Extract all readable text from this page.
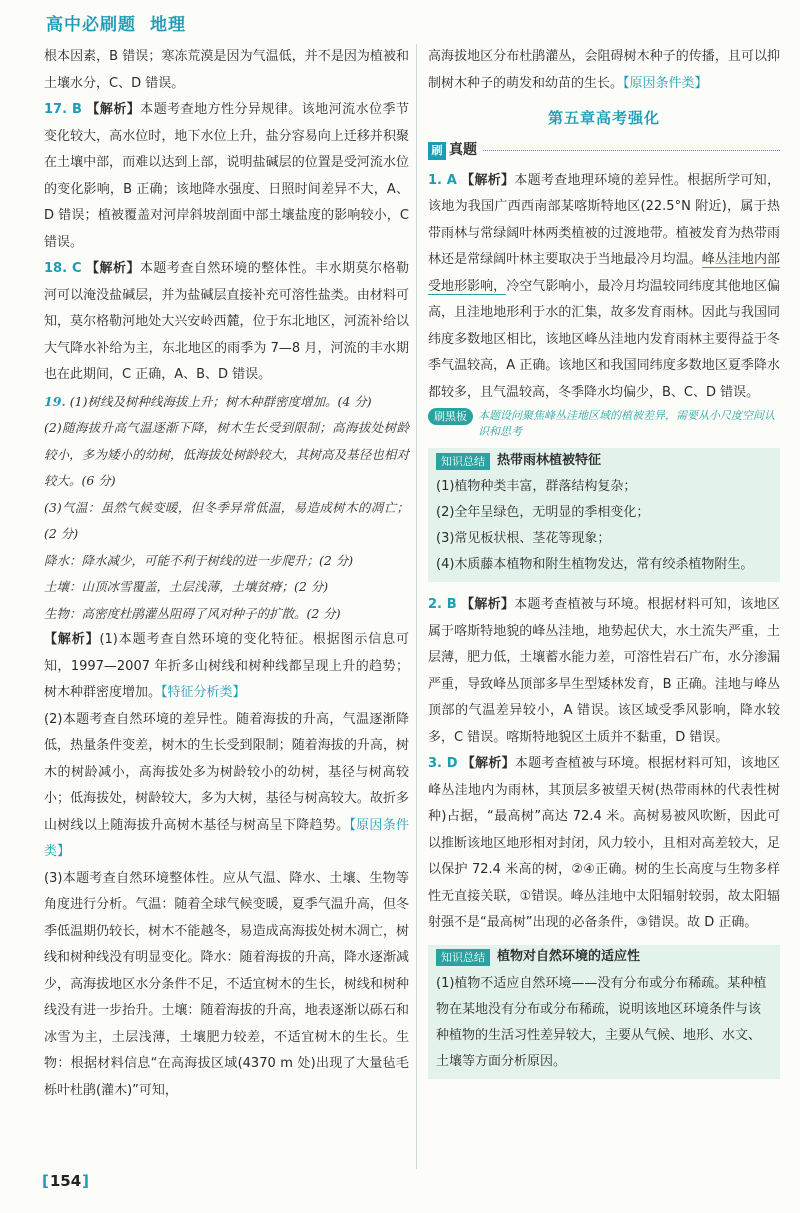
高中必刷题 地理

根本因素，B 错误；寒冻荒漠是因为气温低，并不是因为植被和土壤水分，C、D 错误。

17. B 【解析】本题考查地方性分异规律。该地河流水位季节变化较大，高水位时，地下水位上升，盐分容易向上迁移并积聚在土壤中部，而难以达到上部，说明盐碱层的位置是受河流水位的变化影响，B 正确；该地降水强度、日照时间差异不大，A、D 错误；植被覆盖对河岸斜坡剖面中部土壤盐度的影响较小，C 错误。

18. C 【解析】本题考查自然环境的整体性。丰水期莫尔格勒河可以淹没盐碱层，并为盐碱层直接补充可溶性盐类。由材料可知，莫尔格勒河地处大兴安岭西麓，位于东北地区，河流补给以大气降水补给为主，东北地区的雨季为 7—8 月，河流的丰水期也在此期间，C 正确，A、B、D 错误。

19. (1)树线及树种线海拔上升；树木种群密度增加。(4 分)

(2)随海拔升高气温逐渐下降，树木生长受到限制；高海拔处树龄较小，多为矮小的幼树，低海拔处树龄较大，其树高及基径也相对较大。(6 分)

(3)气温：虽然气候变暖，但冬季异常低温，易造成树木的凋亡；(2 分)

降水：降水减少，可能不利于树线的进一步爬升；(2 分)

土壤：山顶冰雪覆盖，土层浅薄，土壤贫瘠；(2 分)

生物：高密度杜鹃灌丛阻碍了风对种子的扩散。(2 分)

【解析】(1)本题考查自然环境的变化特征。根据图示信息可知，1997—2007 年折多山树线和树种线都呈现上升的趋势；树木种群密度增加。【特征分析类】

(2)本题考查自然环境的差异性。随着海拔的升高，气温逐渐降低，热量条件变差，树木的生长受到限制；随着海拔的升高，树木的树龄减小，高海拔处多为树龄较小的幼树，基径与树高较小；低海拔处，树龄较大，多为大树，基径与树高较大。故折多山树线以上随海拔升高树木基径与树高呈下降趋势。【原因条件类】

(3)本题考查自然环境整体性。应从气温、降水、土壤、生物等角度进行分析。气温：随着全球气候变暖，夏季气温升高，但冬季低温期仍较长，树木不能越冬，易造成高海拔处树木凋亡，树线和树种线没有明显变化。降水：随着海拔的升高，降水逐渐减少，高海拔地区水分条件不足，不适宜树木的生长，树线和树种线没有进一步抬升。土壤：随着海拔的升高，地表逐渐以砾石和冰雪为主，土层浅薄，土壤肥力较差，不适宜树木的生长。生物：根据材料信息“在高海拔区域(4370 m 处)出现了大量毡毛栎叶杜鹃(灌木)”可知，

高海拔地区分布杜鹃灌丛，会阻碍树木种子的传播，且可以抑制树木种子的萌发和幼苗的生长。【原因条件类】

第五章高考强化
刷 真题

1. A 【解析】本题考查地理环境的差异性。根据所学可知，该地为我国广西西南部某喀斯特地区(22.5°N 附近)，属于热带雨林与常绿阔叶林两类植被的过渡地带。植被发育为热带雨林还是常绿阔叶林主要取决于当地最冷月均温。峰丛洼地内部受地形影响，冷空气影响小，最冷月均温较同纬度其他地区偏高，且洼地地形利于水的汇集，故多发育雨林。因此与我国同纬度多数地区相比，该地区峰丛洼地内发育雨林主要得益于冬季气温较高，A 正确。该地区和我国同纬度多数地区夏季降水都较多，且气温较高，冬季降水均偏少，B、C、D 错误。

刷黑板	本题设问聚焦峰丛洼地区域的植被差异，需要从小尺度空间认识和思考
知识总结 热带雨林植被特征
(1)植物种类丰富，群落结构复杂；
(2)全年呈绿色，无明显的季相变化；
(3)常见板状根、茎花等现象；
(4)木质藤本植物和附生植物发达，常有绞杀植物附生。

2. B 【解析】本题考查植被与环境。根据材料可知，该地区属于喀斯特地貌的峰丛洼地，地势起伏大，水土流失严重，土层薄，肥力低，土壤蓄水能力差，可溶性岩石广布，水分渗漏严重，导致峰丛顶部多旱生型矮林发育，B 正确。洼地与峰丛顶部的气温差异较小，A 错误。该区域受季风影响，降水较多，C 错误。喀斯特地貌区土质并不黏重，D 错误。

3. D 【解析】本题考查植被与环境。根据材料可知，该地区峰丛洼地内为雨林，其顶层多被望天树(热带雨林的代表性树种)占据，“最高树”高达 72.4 米。高树易被风吹断，因此可以推断该地区地形相对封闭，风力较小，且相对高差较大，足以保护 72.4 米高的树，②④正确。树的生长高度与生物多样性无直接关联，①错误。峰丛洼地中太阳辐射较弱，故太阳辐射强不是“最高树”出现的必备条件，③错误。故 D 正确。

知识总结 植物对自然环境的适应性
(1)植物不适应自然环境——没有分布或分布稀疏。某种植物在某地没有分布或分布稀疏，说明该地区环境条件与该种植物的生活习性差异较大，主要从气候、地形、水文、土壤等方面分析原因。
[ 154 ]
